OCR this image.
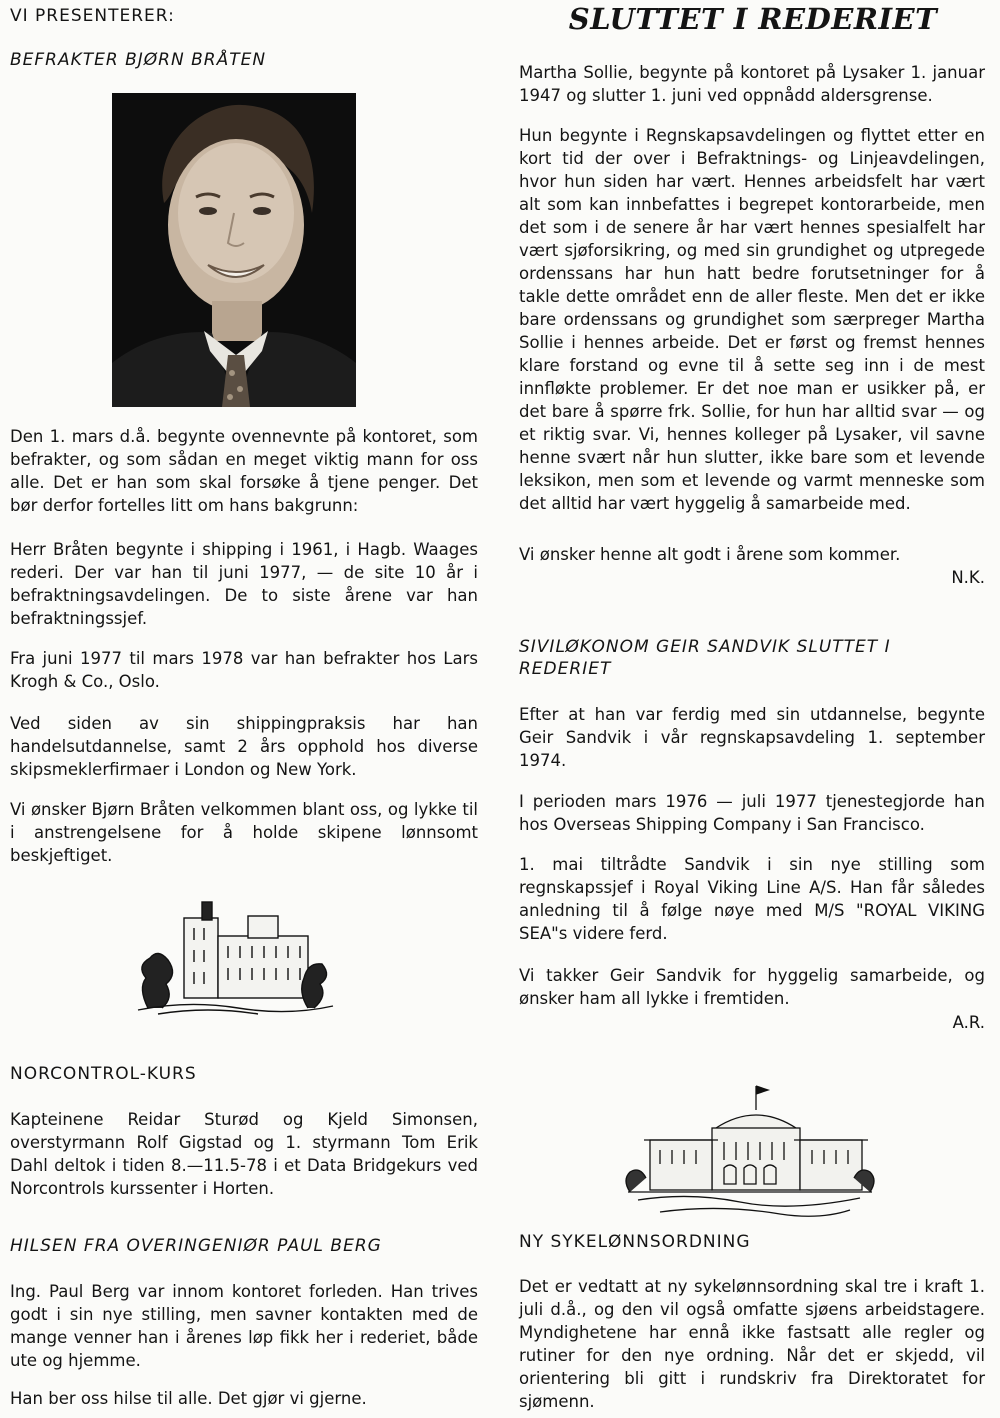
VI PRESENTERER:

BEFRAKTER BJØRN BRÅTEN

Den 1. mars d.å. begynte ovennevnte på kontoret, som befrakter, og som sådan en meget viktig mann for oss alle. Det er han som skal forsøke å tjene penger. Det bør derfor fortelles litt om hans bakgrunn:

Herr Bråten begynte i shipping i 1961, i Hagb. Waages rederi. Der var han til juni 1977, — de site 10 år i befraktningsavdelingen. De to siste årene var han befraktningssjef.

Fra juni 1977 til mars 1978 var han befrakter hos Lars Krogh & Co., Oslo.

Ved siden av sin shippingpraksis har han handelsutdannelse, samt 2 års opphold hos diverse skipsmeklerfirmaer i London og New York.

Vi ønsker Bjørn Bråten velkommen blant oss, og lykke til i anstrengelsene for å holde skipene lønnsomt beskjeftiget.

NORCONTROL-KURS

Kapteinene Reidar Sturød og Kjeld Simonsen, overstyrmann Rolf Gigstad og 1. styrmann Tom Erik Dahl deltok i tiden 8.—11.5-78 i et Data Bridgekurs ved Norcontrols kurssenter i Horten.

HILSEN FRA OVERINGENIØR PAUL BERG

Ing. Paul Berg var innom kontoret forleden. Han trives godt i sin nye stilling, men savner kontakten med de mange venner han i årenes løp fikk her i rederiet, både ute og hjemme.

Han ber oss hilse til alle. Det gjør vi gjerne.

SLUTTET I REDERIET

Martha Sollie, begynte på kontoret på Lysaker 1. januar 1947 og slutter 1. juni ved oppnådd aldersgrense.

Hun begynte i Regnskapsavdelingen og flyttet etter en kort tid der over i Befraktnings- og Linjeavdelingen, hvor hun siden har vært. Hennes arbeidsfelt har vært alt som kan innbefattes i begrepet kontorarbeide, men det som i de senere år har vært hennes spesialfelt har vært sjøforsikring, og med sin grundighet og utpregede ordenssans har hun hatt bedre forutsetninger for å takle dette området enn de aller fleste. Men det er ikke bare ordenssans og grundighet som særpreger Martha Sollie i hennes arbeide. Det er først og fremst hennes klare forstand og evne til å sette seg inn i de mest innfløkte problemer. Er det noe man er usikker på, er det bare å spørre frk. Sollie, for hun har alltid svar — og et riktig svar. Vi, hennes kolleger på Lysaker, vil savne henne svært når hun slutter, ikke bare som et levende leksikon, men som et levende og varmt menneske som det alltid har vært hyggelig å samarbeide med.

Vi ønsker henne alt godt i årene som kommer.

N.K.

SIVILØKONOM GEIR SANDVIK SLUTTET I REDERIET

Efter at han var ferdig med sin utdannelse, begynte Geir Sandvik i vår regnskapsavdeling 1. september 1974.

I perioden mars 1976 — juli 1977 tjenestegjorde han hos Overseas Shipping Company i San Francisco.

1. mai tiltrådte Sandvik i sin nye stilling som regnskapssjef i Royal Viking Line A/S. Han får således anledning til å følge nøye med M/S "ROYAL VIKING SEA"s videre ferd.

Vi takker Geir Sandvik for hyggelig samarbeide, og ønsker ham all lykke i fremtiden.

A.R.

NY SYKELØNNSORDNING

Det er vedtatt at ny sykelønnsordning skal tre i kraft 1. juli d.å., og den vil også omfatte sjøens arbeidstagere. Myndighetene har ennå ikke fastsatt alle regler og rutiner for den nye ordning. Når det er skjedd, vil orientering bli gitt i rundskriv fra Direktoratet for sjømenn.
